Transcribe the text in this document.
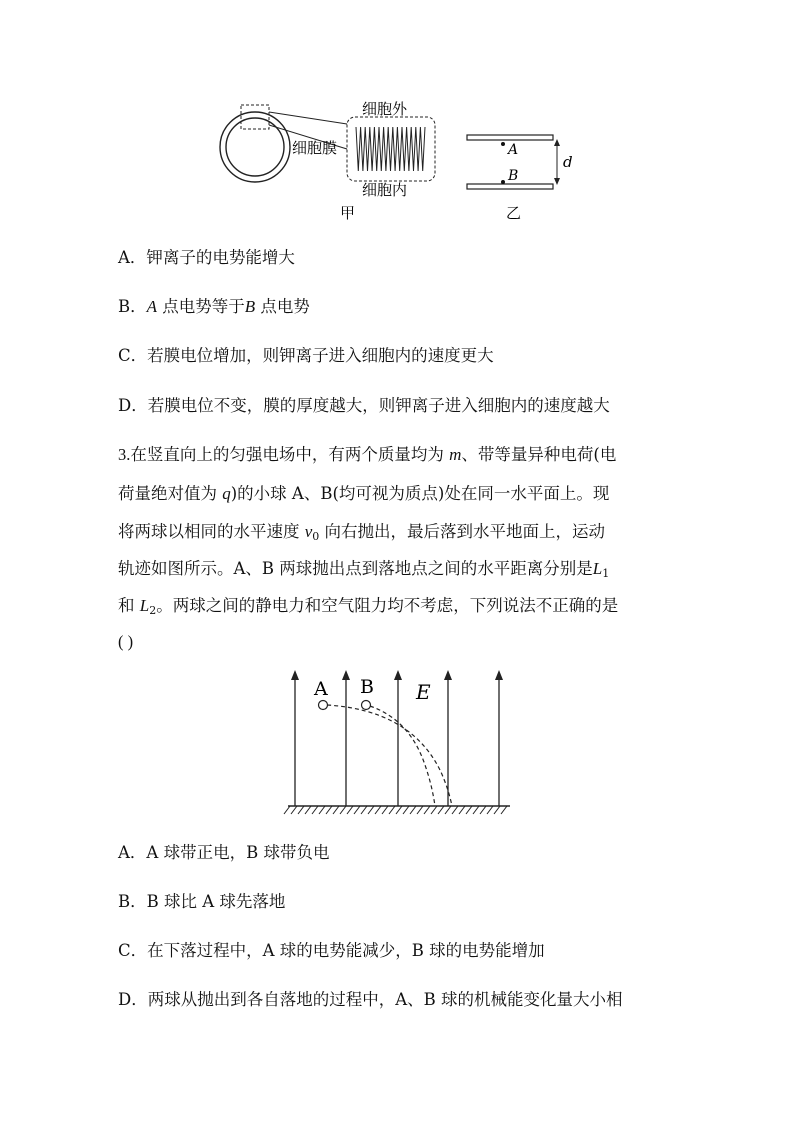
细胞外
细胞膜
细胞内
甲
A
B
d
乙
A．钾离子的电势能增大
B．A 点电势等于B 点电势
C．若膜电位增加，则钾离子进入细胞内的速度更大
D．若膜电位不变，膜的厚度越大，则钾离子进入细胞内的速度越大
3.在竖直向上的匀强电场中，有两个质量均为 m、带等量异种电荷(电
荷量绝对值为 q)的小球 A、B(均可视为质点)处在同一水平面上。现
将两球以相同的水平速度 $v_0$ 向右抛出，最后落到水平地面上，运动
轨迹如图所示。A、B 两球抛出点到落地点之间的水平距离分别是$L_1$
和 $L_2$。两球之间的静电力和空气阻力均不考虑，下列说法不正确的是
( )
A B E
A．A 球带正电，B 球带负电
B．B 球比 A 球先落地
C．在下落过程中，A 球的电势能减少，B 球的电势能增加
D．两球从抛出到各自落地的过程中，A、B 球的机械能变化量大小相
